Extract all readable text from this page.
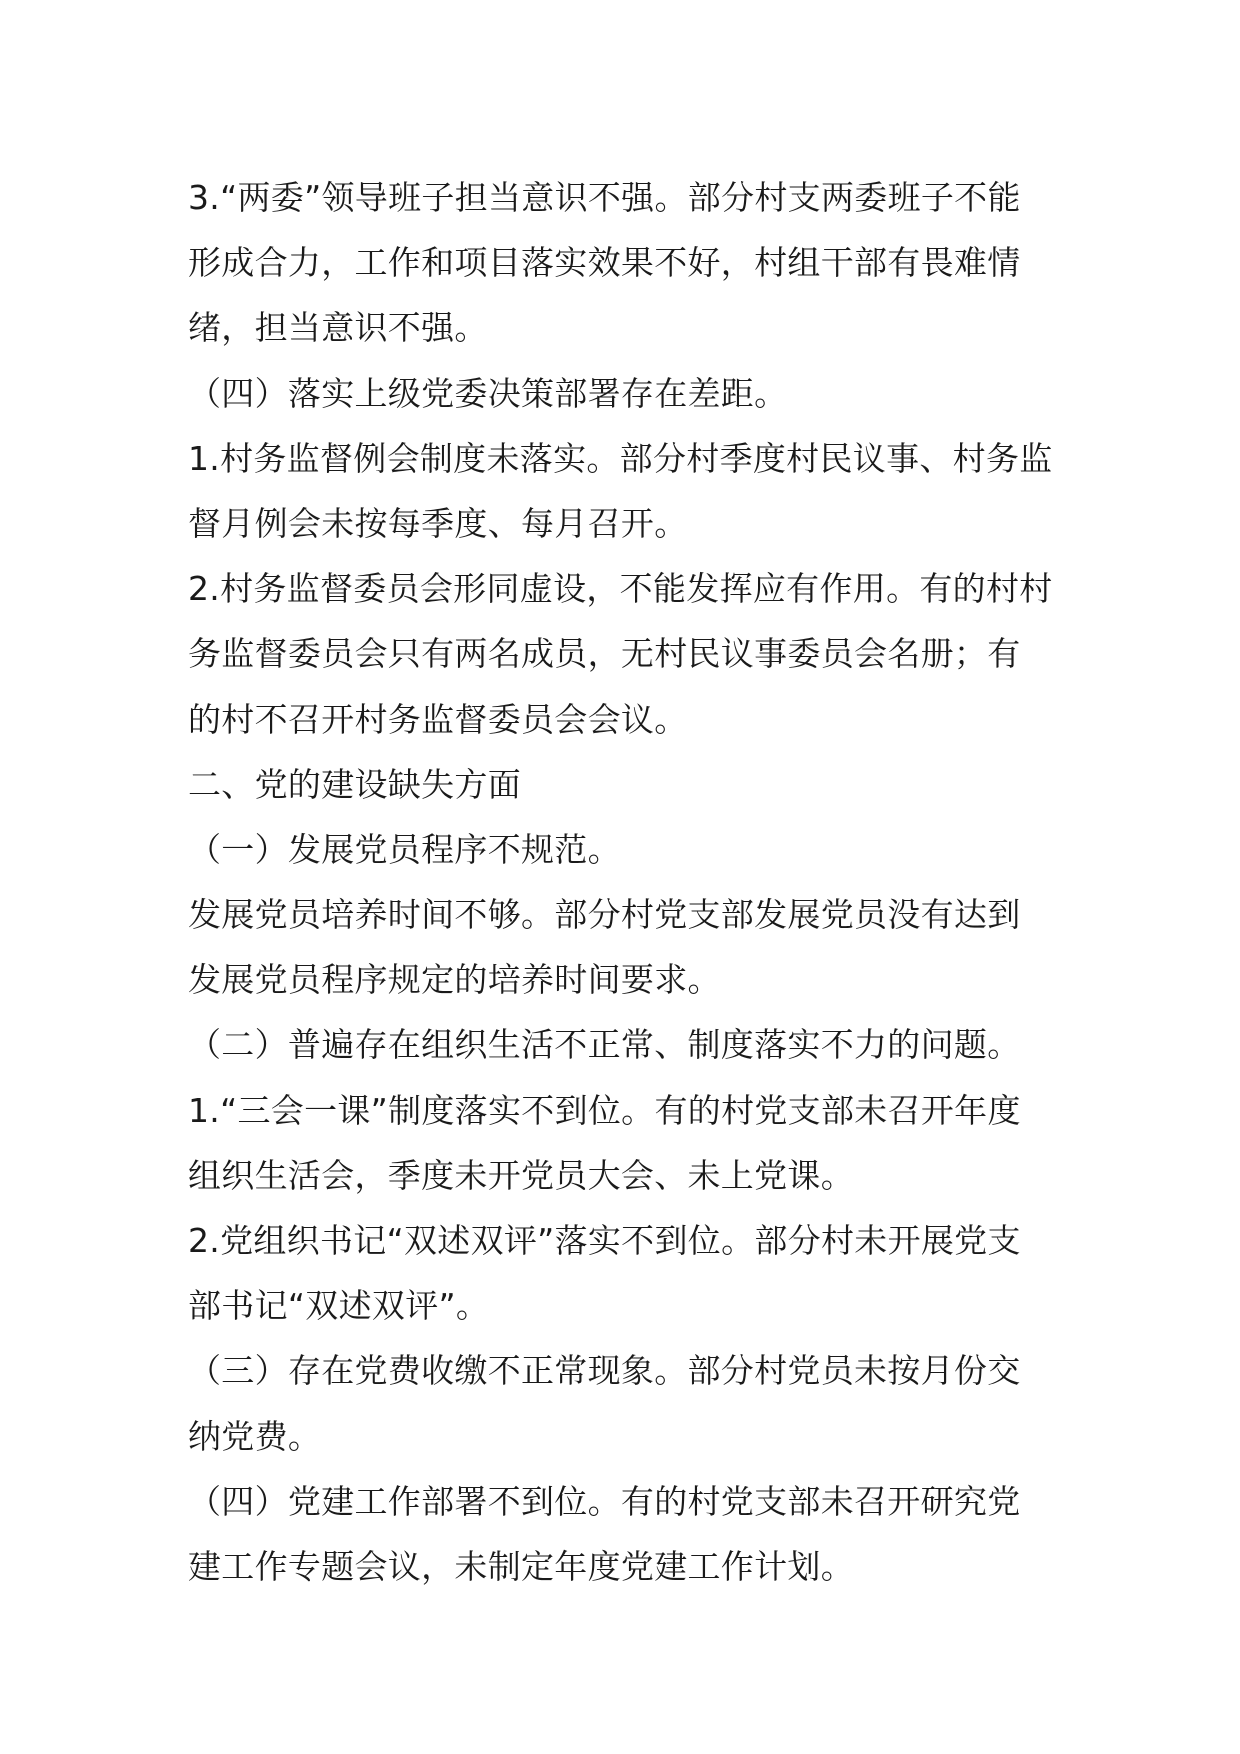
3.“两委”领导班子担当意识不强。部分村支两委班子不能
形成合力，工作和项目落实效果不好，村组干部有畏难情
绪，担当意识不强。
（四）落实上级党委决策部署存在差距。
1.村务监督例会制度未落实。部分村季度村民议事、村务监
督月例会未按每季度、每月召开。
2.村务监督委员会形同虚设，不能发挥应有作用。有的村村
务监督委员会只有两名成员，无村民议事委员会名册；有
的村不召开村务监督委员会会议。
二、党的建设缺失方面
（一）发展党员程序不规范。
发展党员培养时间不够。部分村党支部发展党员没有达到
发展党员程序规定的培养时间要求。
（二）普遍存在组织生活不正常、制度落实不力的问题。
1.“三会一课”制度落实不到位。有的村党支部未召开年度
组织生活会，季度未开党员大会、未上党课。
2.党组织书记“双述双评”落实不到位。部分村未开展党支
部书记“双述双评”。
（三）存在党费收缴不正常现象。部分村党员未按月份交
纳党费。
（四）党建工作部署不到位。有的村党支部未召开研究党
建工作专题会议，未制定年度党建工作计划。
